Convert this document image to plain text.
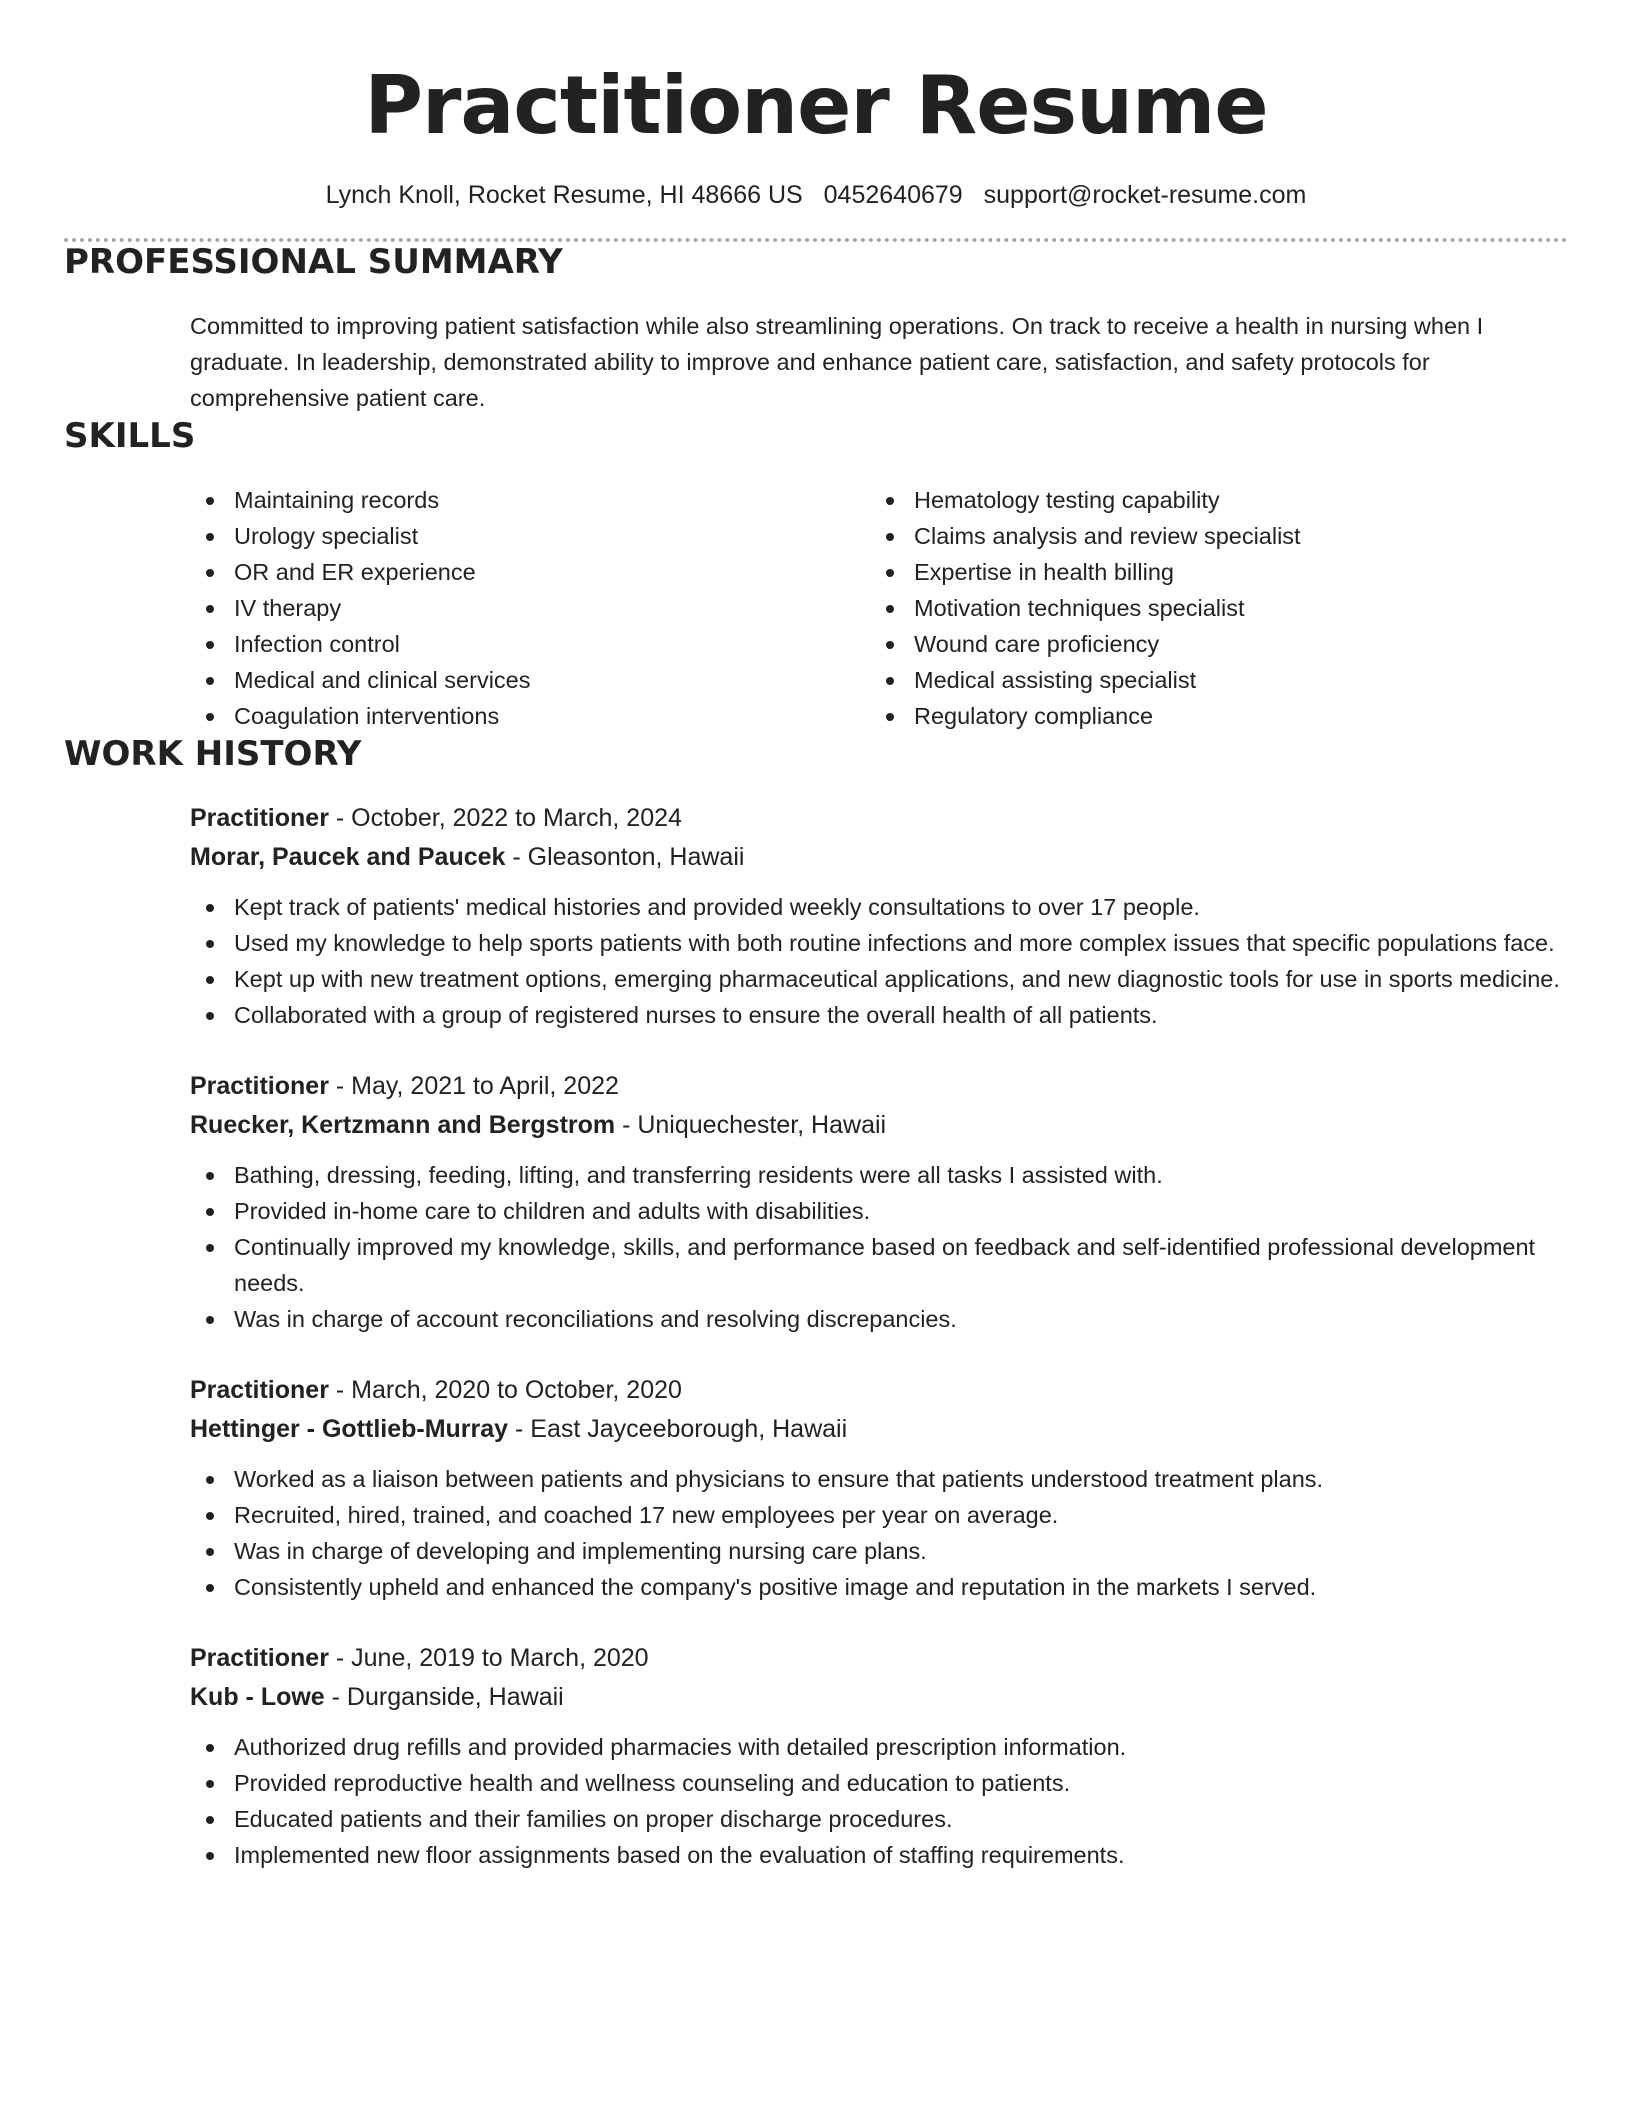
Practitioner Resume
Lynch Knoll, Rocket Resume, HI 48666 US 0452640679 support@rocket-resume.com
PROFESSIONAL SUMMARY

Committed to improving patient satisfaction while also streamlining operations. On track to receive a health in nursing when I graduate. In leadership, demonstrated ability to improve and enhance patient care, satisfaction, and safety protocols for comprehensive patient care.

SKILLS
Maintaining records
Urology specialist
OR and ER experience
IV therapy
Infection control
Medical and clinical services
Coagulation interventions
Hematology testing capability
Claims analysis and review specialist
Expertise in health billing
Motivation techniques specialist
Wound care proficiency
Medical assisting specialist
Regulatory compliance
WORK HISTORY
Practitioner - October, 2022 to March, 2024
Morar, Paucek and Paucek - Gleasonton, Hawaii
Kept track of patients' medical histories and provided weekly consultations to over 17 people.
Used my knowledge to help sports patients with both routine infections and more complex issues that specific populations face.
Kept up with new treatment options, emerging pharmaceutical applications, and new diagnostic tools for use in sports medicine.
Collaborated with a group of registered nurses to ensure the overall health of all patients.
Practitioner - May, 2021 to April, 2022
Ruecker, Kertzmann and Bergstrom - Uniquechester, Hawaii
Bathing, dressing, feeding, lifting, and transferring residents were all tasks I assisted with.
Provided in-home care to children and adults with disabilities.
Continually improved my knowledge, skills, and performance based on feedback and self-identified professional development needs.
Was in charge of account reconciliations and resolving discrepancies.
Practitioner - March, 2020 to October, 2020
Hettinger - Gottlieb-Murray - East Jayceeborough, Hawaii
Worked as a liaison between patients and physicians to ensure that patients understood treatment plans.
Recruited, hired, trained, and coached 17 new employees per year on average.
Was in charge of developing and implementing nursing care plans.
Consistently upheld and enhanced the company's positive image and reputation in the markets I served.
Practitioner - June, 2019 to March, 2020
Kub - Lowe - Durganside, Hawaii
Authorized drug refills and provided pharmacies with detailed prescription information.
Provided reproductive health and wellness counseling and education to patients.
Educated patients and their families on proper discharge procedures.
Implemented new floor assignments based on the evaluation of staffing requirements.
